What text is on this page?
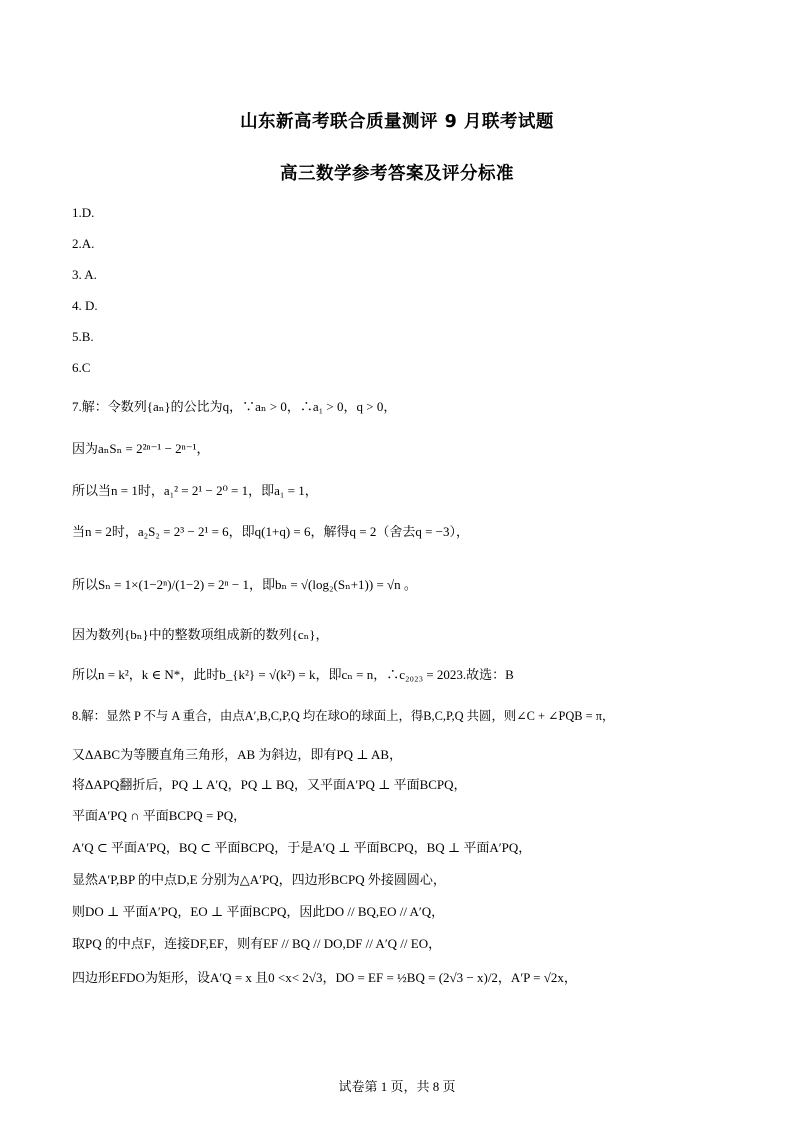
山东新高考联合质量测评 9 月联考试题
高三数学参考答案及评分标准
1.D.
2.A.
3. A.
4. D.
5.B.
6.C
7.解：令数列{aₙ}的公比为q，∵aₙ > 0，∴a₁ > 0，q > 0，
因为aₙSₙ = 2²ⁿ⁻¹ − 2ⁿ⁻¹，
所以当n = 1时，a₁² = 2¹ − 2⁰ = 1，即a₁ = 1，
当n = 2时，a₂S₂ = 2³ − 2¹ = 6，即q(1+q) = 6，解得q = 2（舍去q = −3），
所以Sₙ = 1×(1−2ⁿ)/(1−2) = 2ⁿ − 1，即bₙ = √(log₂(Sₙ+1)) = √n 。
因为数列{bₙ}中的整数项组成新的数列{cₙ}，
所以n = k²，k ∈ N*，此时b_{k²} = √(k²) = k，即cₙ = n，∴c₂₀₂₃ = 2023.故选：B
8.解：显然 P 不与 A 重合，由点A′,B,C,P,Q 均在球O的球面上，得B,C,P,Q 共圆，则∠C + ∠PQB = π，
又ΔABC为等腰直角三角形，AB 为斜边，即有PQ ⊥ AB，
将ΔAPQ翻折后，PQ ⊥ A′Q，PQ ⊥ BQ，又平面A′PQ ⊥ 平面BCPQ，
平面A′PQ ∩ 平面BCPQ = PQ，
A′Q ⊂ 平面A′PQ，BQ ⊂ 平面BCPQ，于是A′Q ⊥ 平面BCPQ，BQ ⊥ 平面A′PQ，
显然A′P,BP 的中点D,E 分别为△A′PQ，四边形BCPQ 外接圆圆心，
则DO ⊥ 平面A′PQ，EO ⊥ 平面BCPQ，因此DO // BQ,EO // A′Q，
取PQ 的中点F，连接DF,EF，则有EF // BQ // DO,DF // A′Q // EO，
四边形EFDO为矩形，设A′Q = x 且0 <x< 2√3，DO = EF = ½BQ = (2√3 − x)/2，A′P = √2x，
试卷第 1 页，共 8 页
